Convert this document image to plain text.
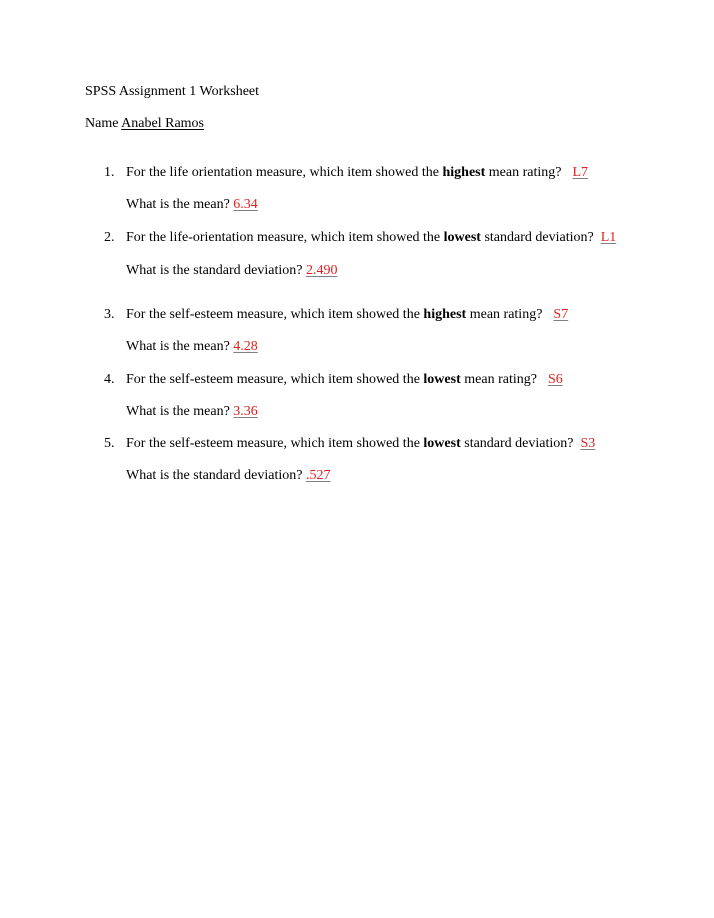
SPSS Assignment 1 Worksheet
Name Anabel Ramos
1. For the life orientation measure, which item showed the highest mean rating? L7
What is the mean? 6.34
2. For the life-orientation measure, which item showed the lowest standard deviation? L1
What is the standard deviation? 2.490
3. For the self-esteem measure, which item showed the highest mean rating? S7
What is the mean? 4.28
4. For the self-esteem measure, which item showed the lowest mean rating? S6
What is the mean? 3.36
5. For the self-esteem measure, which item showed the lowest standard deviation? S3
What is the standard deviation? .527
